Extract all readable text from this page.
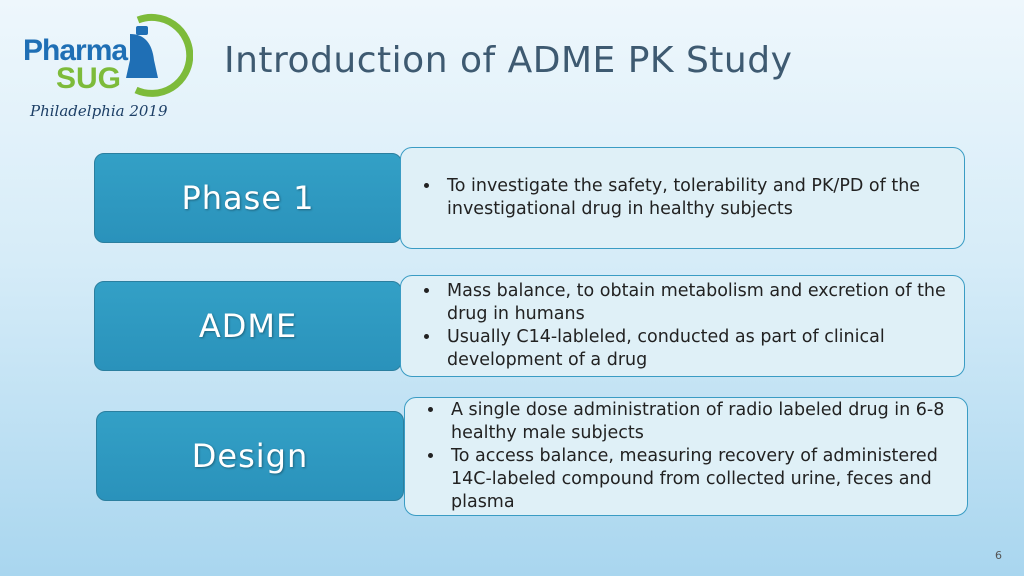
Pharma
SUG
Philadelphia 2019
Introduction of ADME PK Study
Phase 1
•	To investigate the safety, tolerability and PK/PD of the investigational drug in healthy subjects
ADME
• Mass balance, to obtain metabolism and excretion of the drug in humans
• Usually C14-lableled, conducted as part of clinical development of a drug
Design
• A single dose administration of radio labeled drug in 6-8 healthy male subjects
• To access balance, measuring recovery of administered 14C-labeled compound from collected urine, feces and plasma
6
